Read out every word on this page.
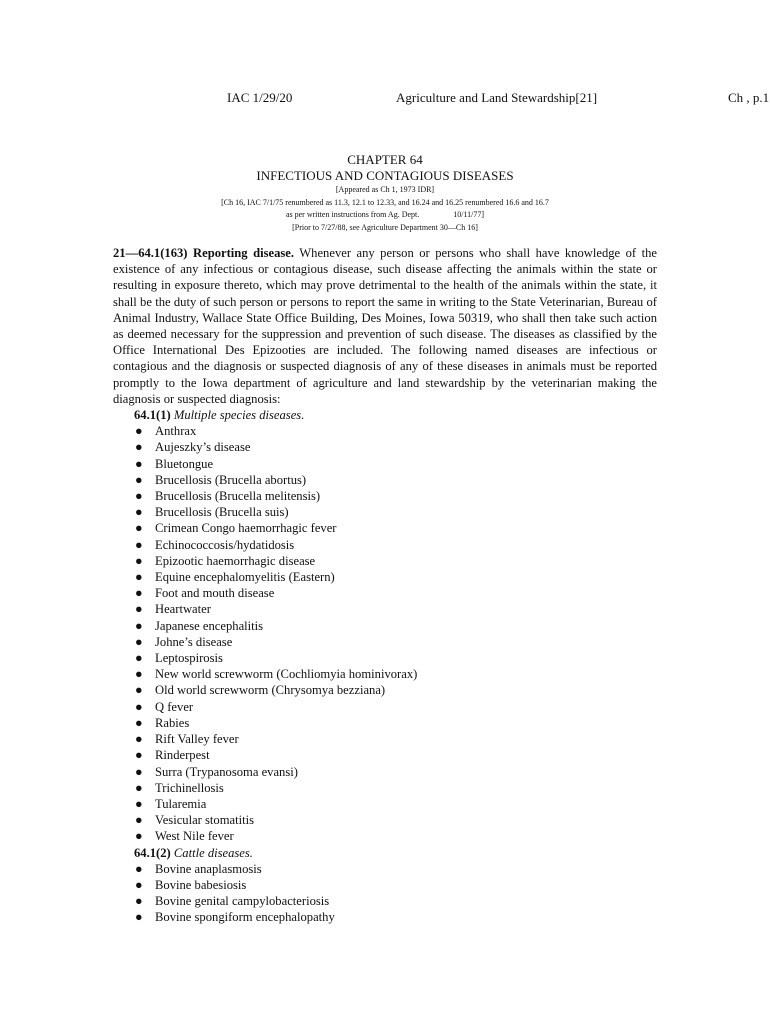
IAC 1/29/20	Agriculture and Land Stewardship[21]	Ch , p.1
CHAPTER 64
INFECTIOUS AND CONTAGIOUS DISEASES
[Appeared as Ch 1, 1973 IDR]
[Ch 16, IAC 7/1/75 renumbered as 11.3, 12.1 to 12.33, and 16.24 and 16.25 renumbered 16.6 and 16.7
as per written instructions from Ag. Dept.	10/11/77]
[Prior to 7/27/88, see Agriculture Department 30—Ch 16]

21—64.1(163) Reporting disease. Whenever any person or persons who shall have knowledge of the existence of any infectious or contagious disease, such disease affecting the animals within the state or resulting in exposure thereto, which may prove detrimental to the health of the animals within the state, it shall be the duty of such person or persons to report the same in writing to the State Veterinarian, Bureau of Animal Industry, Wallace State Office Building, Des Moines, Iowa 50319, who shall then take such action as deemed necessary for the suppression and prevention of such disease. The diseases as classified by the Office International Des Epizooties are included. The following named diseases are infectious or contagious and the diagnosis or suspected diagnosis of any of these diseases in animals must be reported promptly to the Iowa department of agriculture and land stewardship by the veterinarian making the diagnosis or suspected diagnosis:

64.1(1) Multiple species diseases.
● Anthrax
● Aujeszky’s disease
● Bluetongue
● Brucellosis (Brucella abortus)
● Brucellosis (Brucella melitensis)
● Brucellosis (Brucella suis)
● Crimean Congo haemorrhagic fever
● Echinococcosis/hydatidosis
● Epizootic haemorrhagic disease
● Equine encephalomyelitis (Eastern)
● Foot and mouth disease
● Heartwater
● Japanese encephalitis
● Johne’s disease
● Leptospirosis
● New world screwworm (Cochliomyia hominivorax)
● Old world screwworm (Chrysomya bezziana)
● Q fever
● Rabies
● Rift Valley fever
● Rinderpest
● Surra (Trypanosoma evansi)
● Trichinellosis
● Tularemia
● Vesicular stomatitis
● West Nile fever
64.1(2) Cattle diseases.
● Bovine anaplasmosis
● Bovine babesiosis
● Bovine genital campylobacteriosis
● Bovine spongiform encephalopathy
